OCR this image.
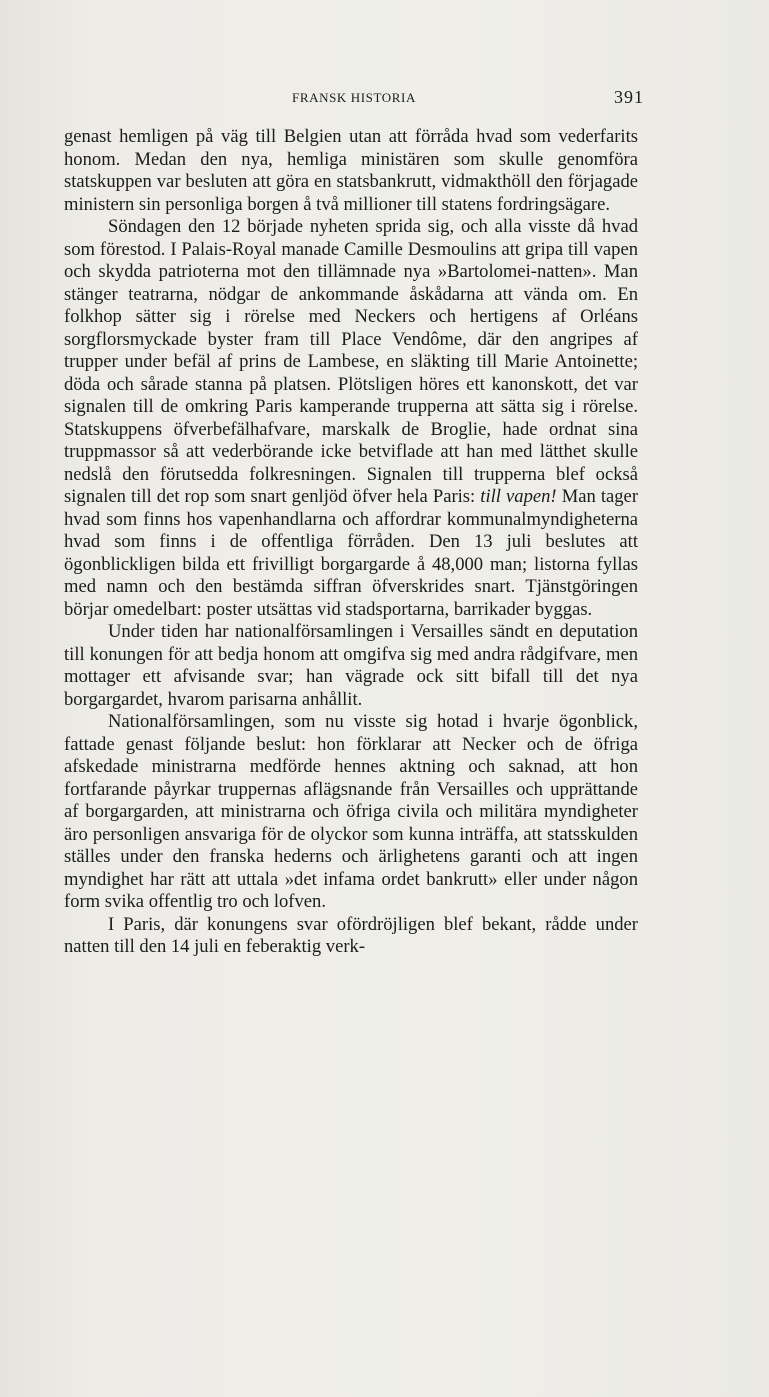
FRANSK HISTORIA	391

genast hemligen på väg till Belgien utan att förråda hvad som vederfarits honom. Medan den nya, hemliga ministären som skulle genomföra statskuppen var besluten att göra en statsbankrutt, vidmakthöll den förjagade ministern sin personliga borgen å två millioner till statens fordringsägare.

Söndagen den 12 började nyheten sprida sig, och alla visste då hvad som förestod. I Palais-Royal manade Camille Desmoulins att gripa till vapen och skydda patrioterna mot den tillämnade nya »Bartolomei-natten». Man stänger teatrarna, nödgar de ankommande åskådarna att vända om. En folkhop sätter sig i rörelse med Neckers och hertigens af Orléans sorgflorsmyckade byster fram till Place Vendôme, där den angripes af trupper under befäl af prins de Lambese, en släkting till Marie Antoinette; döda och sårade stanna på platsen. Plötsligen höres ett kanonskott, det var signalen till de omkring Paris kamperande trupperna att sätta sig i rörelse. Statskuppens öfverbefälhafvare, marskalk de Broglie, hade ordnat sina truppmassor så att vederbörande icke betviflade att han med lätthet skulle nedslå den förutsedda folkresningen. Signalen till trupperna blef också signalen till det rop som snart genljöd öfver hela Paris: till vapen! Man tager hvad som finns hos vapenhandlarna och affordrar kommunalmyndigheterna hvad som finns i de offentliga förråden. Den 13 juli beslutes att ögonblickligen bilda ett frivilligt borgargarde å 48,000 man; listorna fyllas med namn och den bestämda siffran öfverskrides snart. Tjänstgöringen börjar omedelbart: poster utsättas vid stadsportarna, barrikader byggas.

Under tiden har nationalförsamlingen i Versailles sändt en deputation till konungen för att bedja honom att omgifva sig med andra rådgifvare, men mottager ett afvisande svar; han vägrade ock sitt bifall till det nya borgargardet, hvarom parisarna anhållit.

Nationalförsamlingen, som nu visste sig hotad i hvarje ögonblick, fattade genast följande beslut: hon förklarar att Necker och de öfriga afskedade ministrarna medförde hennes aktning och saknad, att hon fortfarande påyrkar truppernas aflägsnande från Versailles och upprättande af borgargarden, att ministrarna och öfriga civila och militära myndigheter äro personligen ansvariga för de olyckor som kunna inträffa, att statsskulden ställes under den franska hederns och ärlighetens garanti och att ingen myndighet har rätt att uttala »det infama ordet bankrutt» eller under någon form svika offentlig tro och lofven.

I Paris, där konungens svar ofördröjligen blef bekant, rådde under natten till den 14 juli en feberaktig verk-
